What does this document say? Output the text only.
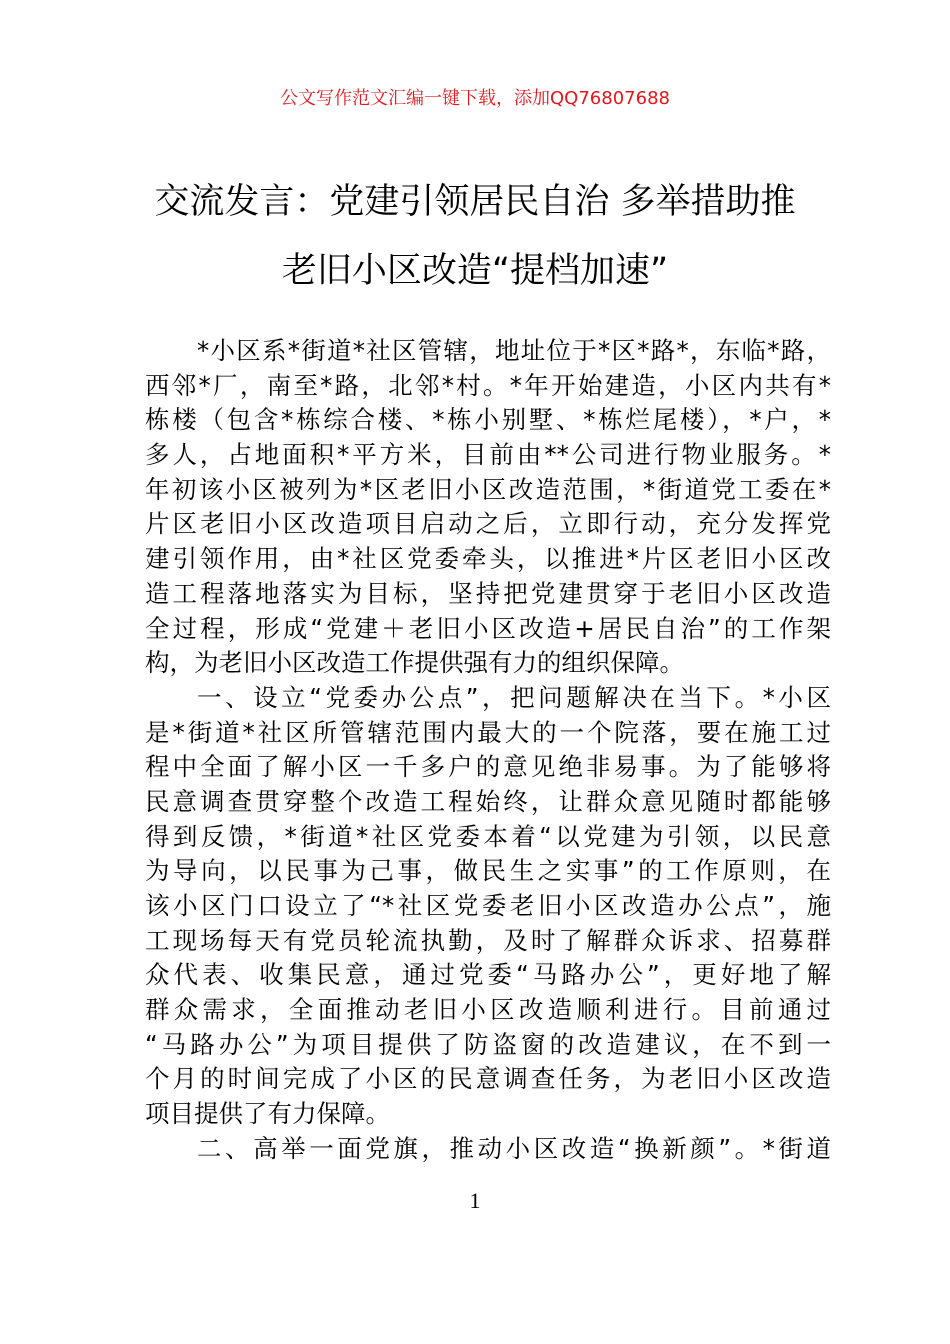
公文写作范文汇编一键下载，添加QQ76807688
交流发言：党建引领居民自治 多举措助推
老旧小区改造“提档加速”
*小区系*街道*社区管辖，地址位于*区*路*，东临*路，
西邻*厂，南至*路，北邻*村。*年开始建造，小区内共有*
栋楼（包含*栋综合楼、*栋小别墅、*栋烂尾楼），*户，*
多人，占地面积*平方米，目前由**公司进行物业服务。*
年初该小区被列为*区老旧小区改造范围，*街道党工委在*
片区老旧小区改造项目启动之后，立即行动，充分发挥党
建引领作用，由*社区党委牵头，以推进*片区老旧小区改
造工程落地落实为目标，坚持把党建贯穿于老旧小区改造
全过程，形成“党建＋老旧小区改造+居民自治”的工作架
构，为老旧小区改造工作提供强有力的组织保障。
一、设立“党委办公点”，把问题解决在当下。*小区
是*街道*社区所管辖范围内最大的一个院落，要在施工过
程中全面了解小区一千多户的意见绝非易事。为了能够将
民意调查贯穿整个改造工程始终，让群众意见随时都能够
得到反馈，*街道*社区党委本着“以党建为引领，以民意
为导向，以民事为己事，做民生之实事”的工作原则，在
该小区门口设立了“*社区党委老旧小区改造办公点”，施
工现场每天有党员轮流执勤，及时了解群众诉求、招募群
众代表、收集民意，通过党委“马路办公”，更好地了解
群众需求，全面推动老旧小区改造顺利进行。目前通过
“马路办公”为项目提供了防盗窗的改造建议，在不到一
个月的时间完成了小区的民意调查任务，为老旧小区改造
项目提供了有力保障。
二、高举一面党旗，推动小区改造“换新颜”。*街道
1
